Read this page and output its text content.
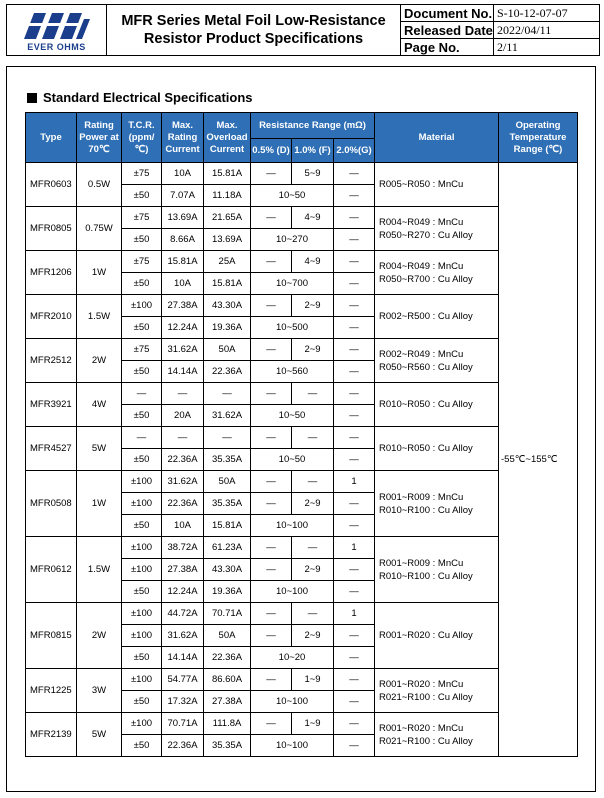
EVER OHMS
MFR Series Metal Foil Low-Resistance
Resistor Product Specifications
Document No. S-10-12-07-07
Released Date 2022/04/11
Page No.	2/11
Standard Electrical Specifications
Type	Rating Power at 70℃	T.C.R. (ppm/℃)	Max. Rating Current	Max. Overload Current	Resistance Range (mΩ)			Material	Operating Temperature Range (℃)
					0.5% (D)	1.0% (F)	2.0%(G)		
MFR0603	0.5W	±75	10A	15.81A	—	5~9	—	R005~R050 : MnCu	-55℃~155℃
		±50	7.07A	11.18A	10~50		—		
MFR0805	0.75W	±75	13.69A	21.65A	—	4~9	—	R004~R049 : MnCu
R050~R270 : Cu Alloy	
		±50	8.66A	13.69A	10~270		—		
MFR1206	1W	±75	15.81A	25A	—	4~9	—	R004~R049 : MnCu
R050~R700 : Cu Alloy	
		±50	10A	15.81A	10~700		—		
MFR2010	1.5W	±100	27.38A	43.30A	—	2~9	—	R002~R500 : Cu Alloy	
		±50	12.24A	19.36A	10~500		—		
MFR2512	2W	±75	31.62A	50A	—	2~9	—	R002~R049 : MnCu
R050~R560 : Cu Alloy	
		±50	14.14A	22.36A	10~560		—		
MFR3921	4W	—	—	—	—	—	—	R010~R050 : Cu Alloy	
		±50	20A	31.62A	10~50		—		
MFR4527	5W	—	—	—	—	—	—	R010~R050 : Cu Alloy	
		±50	22.36A	35.35A	10~50		—		
MFR0508	1W	±100	31.62A	50A	—	—	1	R001~R009 : MnCu
R010~R100 : Cu Alloy	
		±100	22.36A	35.35A	—	2~9	—		
		±50	10A	15.81A	10~100		—		
MFR0612	1.5W	±100	38.72A	61.23A	—	—	1	R001~R009 : MnCu
R010~R100 : Cu Alloy	
		±100	27.38A	43.30A	—	2~9	—		
		±50	12.24A	19.36A	10~100		—		
MFR0815	2W	±100	44.72A	70.71A	—	—	1	R001~R020 : Cu Alloy	
		±100	31.62A	50A	—	2~9	—		
		±50	14.14A	22.36A	10~20		—		
MFR1225	3W	±100	54.77A	86.60A	—	1~9	—	R001~R020 : MnCu
R021~R100 : Cu Alloy	
		±50	17.32A	27.38A	10~100		—		
MFR2139	5W	±100	70.71A	111.8A	—	1~9	—	R001~R020 : MnCu
R021~R100 : Cu Alloy	
		±50	22.36A	35.35A	10~100		—		
